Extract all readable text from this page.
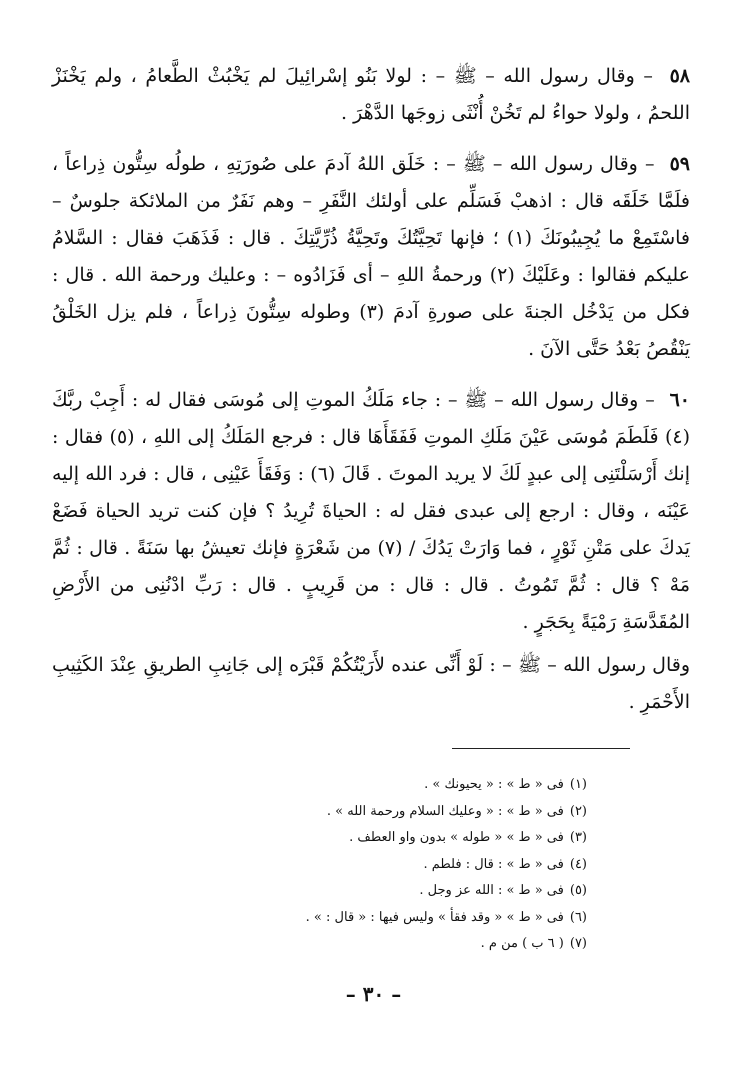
٥٨ – وقال رسول الله – ﷺ – : لولا بَنُو إسْرائِيلَ لم يَخْبُثْ الطَّعامُ ، ولم يَخْنَزْ اللحمُ ، ولولا حواءُ لم تَخُنْ أُنْثَى زوجَها الدَّهْرَ .

٥٩ – وقال رسول الله – ﷺ – : خَلَق اللهُ آدمَ على صُورَتِهِ ، طولُه سِتُّون ذِراعاً ، فلَمَّا خَلَقَه قال : اذهبْ فَسَلِّم على أولئك النَّفَرِ – وهم نَفَرٌ من الملائكة جلوسٌ – فاسْتَمِعْ ما يُجِيبُونَكَ (١) ؛ فإنها تَحِيَّتُكَ وتَحِيَّةُ ذُرِّيَّتِكَ . قال : فَذَهَبَ فقال : السَّلامُ عليكم فقالوا : وعَلَيْكَ (٢) ورحمةُ اللهِ – أى فَزَادُوه – : وعليك ورحمة الله . قال : فكل من يَدْخُل الجنةَ على صورةِ آدمَ (٣) وطوله سِتُّونَ ذِراعاً ، فلم يزل الخَلْقُ يَنْقُصُ بَعْدُ حَتَّى الآنَ .

٦٠ – وقال رسول الله – ﷺ – : جاء مَلَكُ الموتِ إلى مُوسَى فقال له : أَجِبْ ربَّكَ (٤) فَلَطَمَ مُوسَى عَيْنَ مَلَكِ الموتِ فَفَقَأَهَا قال : فرجع المَلَكُ إلى اللهِ ، (٥) فقال : إنك أَرْسَلْتَنِى إلى عبدٍ لَكَ لا يريد الموتَ . قَالَ (٦) : وَفَقَأَ عَيْنِى ، قال : فرد الله إليه عَيْنَه ، وقال : ارجع إلى عبدى فقل له : الحياةَ تُرِيدُ ؟ فإن كنت تريد الحياة فَضَعْ يَدكَ على مَتْنِ ثَوْرٍ ، فما وَارَتْ يَدُكَ / (٧) من شَعْرَةٍ فإنك تعيشُ بها سَنَةً . قال : ثُمَّ مَهْ ؟ قال : ثُمَّ تَمُوتُ . قال : قال : من قَرِيبٍ . قال : رَبِّ ادْنُنِى من الأَرْضِ المُقَدَّسَةِ رَمْيَةً بِحَجَرٍ .

وقال رسول الله – ﷺ – : لَوْ أَنِّى عنده لأَرَيْتُكُمْ قَبْرَه إلى جَانِبِ الطريقِ عِنْدَ الكَثِيبِ الأَحْمَرِ .

(١)فى « ط » : « يحيونك » .
(٢)فى « ط » : « وعليك السلام ورحمة الله » .
(٣)فى « ط » « طوله » بدون واو العطف .
(٤)فى « ط » : قال : فلطم .
(٥)فى « ط » : الله عز وجل .
(٦)فى « ط » « وقد فقأ » وليس فيها : « قال : » .
(٧)( ٦ ب ) من م .
– ٣٠ –
